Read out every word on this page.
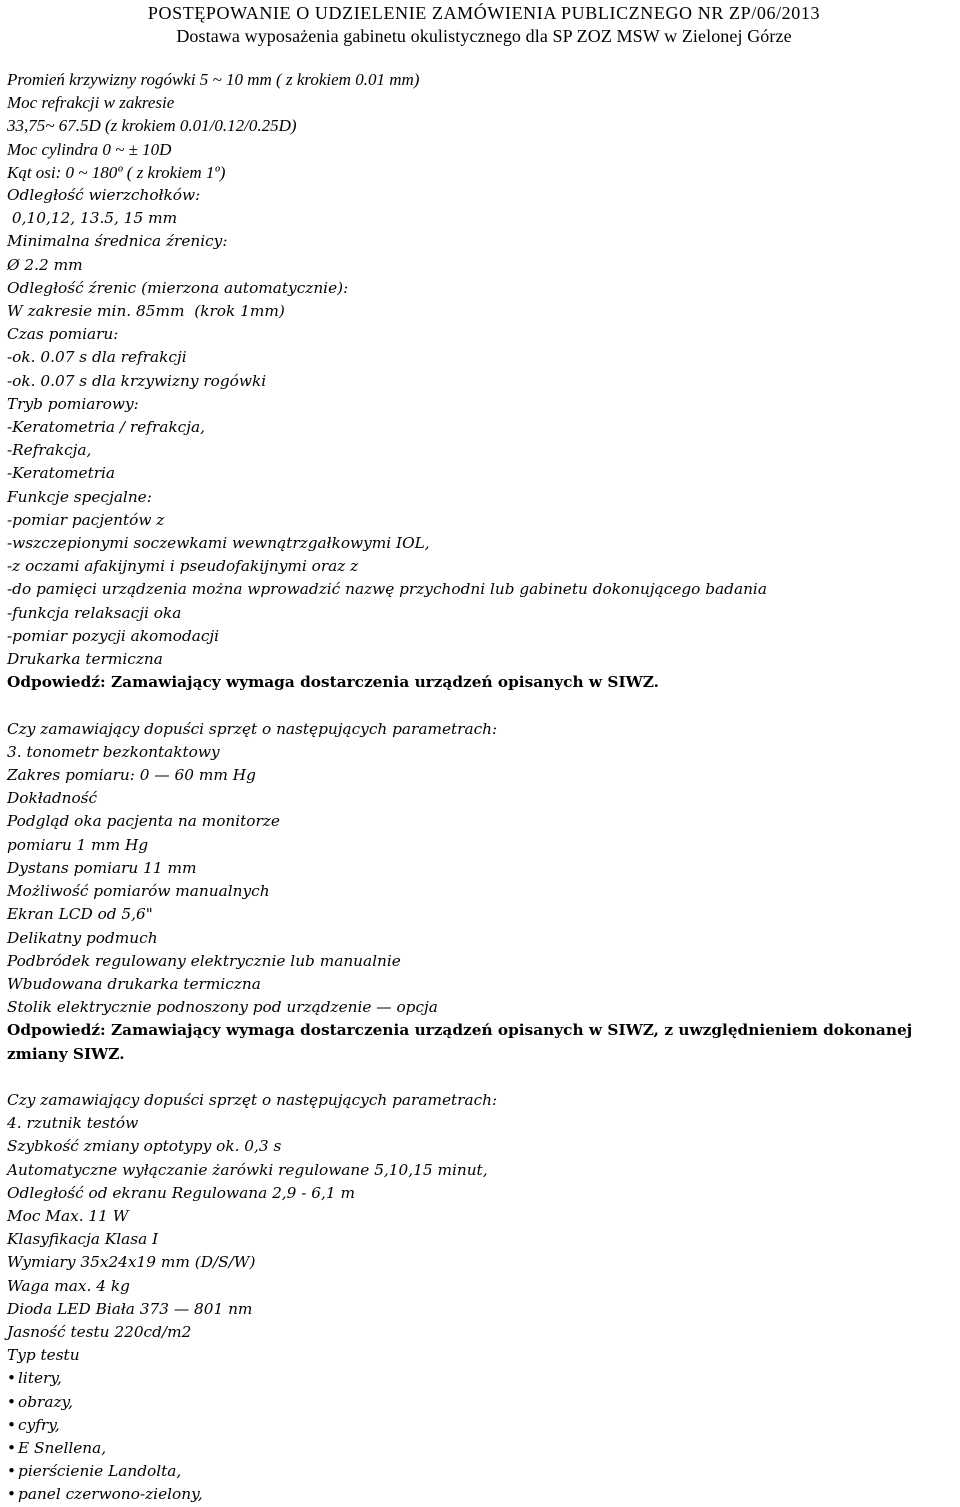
POSTĘPOWANIE O UDZIELENIE ZAMÓWIENIA PUBLICZNEGO NR ZP/06/2013
Dostawa wyposażenia gabinetu okulistycznego dla SP ZOZ MSW w Zielonej Górze
Promień krzywizny rogówki 5 ~ 10 mm ( z krokiem 0.01 mm)
Moc refrakcji w zakresie
33,75~ 67.5D (z krokiem 0.01/0.12/0.25D)
Moc cylindra 0 ~ ± 10D
Kąt osi: 0 ~ 180º ( z krokiem 1º)
Odległość wierzchołków:
0,10,12, 13.5, 15 mm
Minimalna średnica źrenicy:
Ø 2.2 mm
Odległość źrenic (mierzona automatycznie):
W zakresie min. 85mm  (krok 1mm)
Czas pomiaru:
-ok. 0.07 s dla refrakcji
-ok. 0.07 s dla krzywizny rogówki
Tryb pomiarowy:
-Keratometria / refrakcja,
-Refrakcja,
-Keratometria
Funkcje specjalne:
-pomiar pacjentów z
-wszczepionymi soczewkami wewnątrzgałkowymi IOL,
-z oczami afakijnymi i pseudofakijnymi oraz z
-do pamięci urządzenia można wprowadzić nazwę przychodni lub gabinetu dokonującego badania
-funkcja relaksacji oka
-pomiar pozycji akomodacji
Drukarka termiczna
Odpowiedź: Zamawiający wymaga dostarczenia urządzeń opisanych w SIWZ.
Czy zamawiający dopuści sprzęt o następujących parametrach:
3. tonometr bezkontaktowy
Zakres pomiaru: 0 — 60 mm Hg
Dokładność
Podgląd oka pacjenta na monitorze
pomiaru 1 mm Hg
Dystans pomiaru 11 mm
Możliwość pomiarów manualnych
Ekran LCD od 5,6"
Delikatny podmuch
Podbródek regulowany elektrycznie lub manualnie
Wbudowana drukarka termiczna
Stolik elektrycznie podnoszony pod urządzenie — opcja
Odpowiedź: Zamawiający wymaga dostarczenia urządzeń opisanych w SIWZ, z uwzględnieniem dokonanej zmiany SIWZ.
Czy zamawiający dopuści sprzęt o następujących parametrach:
4. rzutnik testów
Szybkość zmiany optotypy ok. 0,3 s
Automatyczne wyłączanie żarówki regulowane 5,10,15 minut,
Odległość od ekranu Regulowana 2,9 - 6,1 m
Moc Max. 11 W
Klasyfikacja Klasa I
Wymiary 35x24x19 mm (D/S/W)
Waga max. 4 kg
Dioda LED Biała 373 — 801 nm
Jasność testu 220cd/m2
Typ testu
• litery,
• obrazy,
• cyfry,
• E Snellena,
• pierścienie Landolta,
• panel czerwono-zielony,
